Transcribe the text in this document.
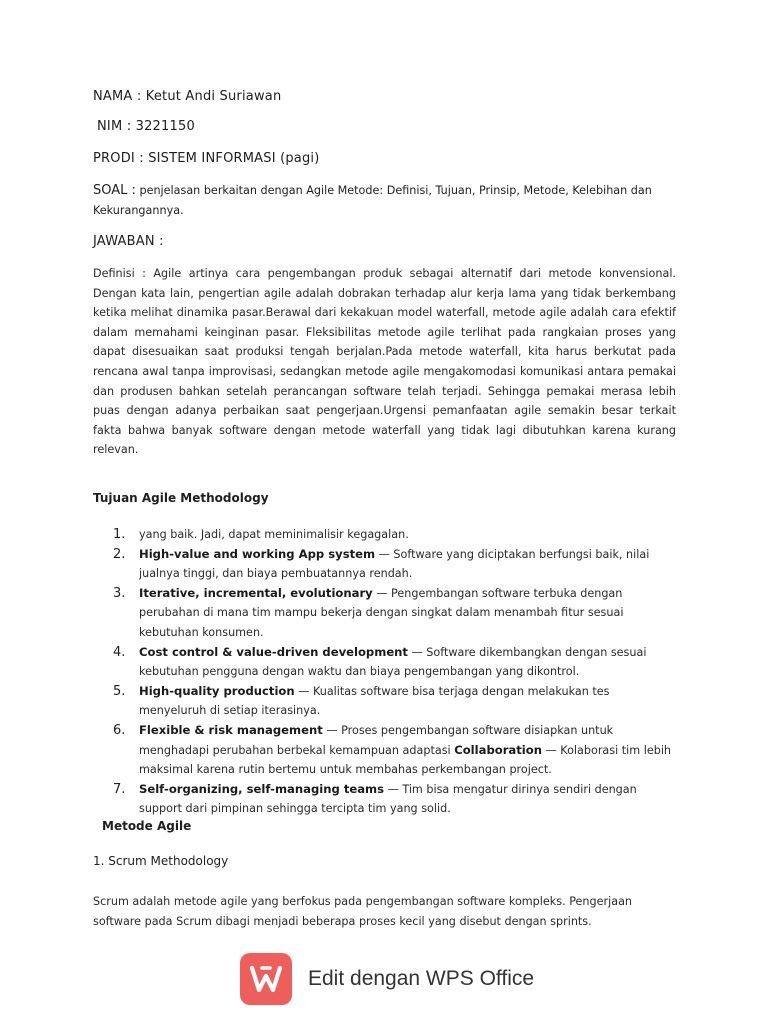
NAMA : Ketut Andi Suriawan
NIM : 3221150
PRODI : SISTEM INFORMASI (pagi)
SOAL : penjelasan berkaitan dengan Agile Metode: Definisi, Tujuan, Prinsip, Metode, Kelebihan dan Kekurangannya.
JAWABAN :

Definisi : Agile artinya cara pengembangan produk sebagai alternatif dari metode konvensional. Dengan kata lain, pengertian agile adalah dobrakan terhadap alur kerja lama yang tidak berkembang ketika melihat dinamika pasar.Berawal dari kekakuan model waterfall, metode agile adalah cara efektif dalam memahami keinginan pasar. Fleksibilitas metode agile terlihat pada rangkaian proses yang dapat disesuaikan saat produksi tengah berjalan.Pada metode waterfall, kita harus berkutat pada rencana awal tanpa improvisasi, sedangkan metode agile mengakomodasi komunikasi antara pemakai dan produsen bahkan setelah perancangan software telah terjadi. Sehingga pemakai merasa lebih puas dengan adanya perbaikan saat pengerjaan.Urgensi pemanfaatan agile semakin besar terkait fakta bahwa banyak software dengan metode waterfall yang tidak lagi dibutuhkan karena kurang relevan.

Tujuan Agile Methodology
1. yang baik. Jadi, dapat meminimalisir kegagalan.
2. High-value and working App system — Software yang diciptakan berfungsi baik, nilai jualnya tinggi, dan biaya pembuatannya rendah.
3. Iterative, incremental, evolutionary — Pengembangan software terbuka dengan perubahan di mana tim mampu bekerja dengan singkat dalam menambah fitur sesuai kebutuhan konsumen.
4. Cost control & value-driven development — Software dikembangkan dengan sesuai kebutuhan pengguna dengan waktu dan biaya pengembangan yang dikontrol.
5. High-quality production — Kualitas software bisa terjaga dengan melakukan tes menyeluruh di setiap iterasinya.
6. Flexible & risk management — Proses pengembangan software disiapkan untuk menghadapi perubahan berbekal kemampuan adaptasi Collaboration — Kolaborasi tim lebih maksimal karena rutin bertemu untuk membahas perkembangan project.
7. Self-organizing, self-managing teams — Tim bisa mengatur dirinya sendiri dengan support dari pimpinan sehingga tercipta tim yang solid.
Metode Agile
1. Scrum Methodology

Scrum adalah metode agile yang berfokus pada pengembangan software kompleks. Pengerjaan software pada Scrum dibagi menjadi beberapa proses kecil yang disebut dengan sprints.

Edit dengan WPS Office
